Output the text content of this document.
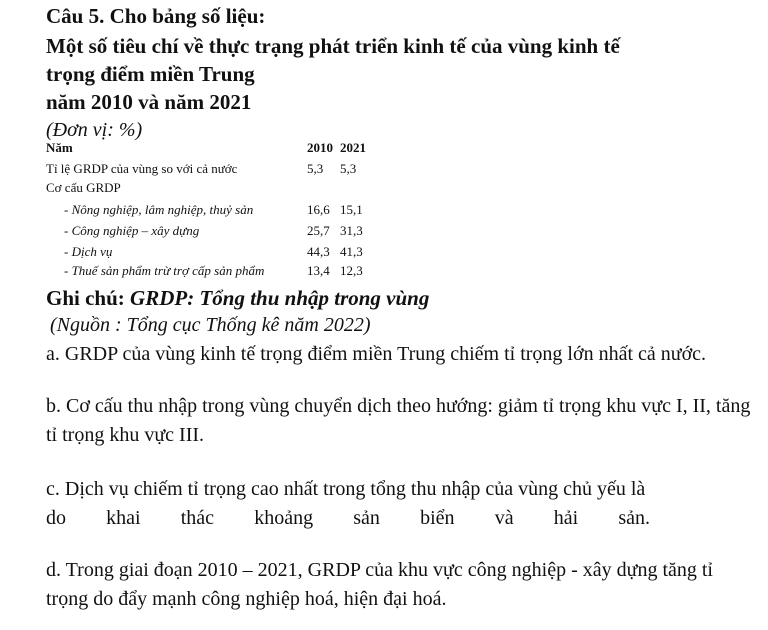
Câu 5. Cho bảng số liệu:
Một số tiêu chí về thực trạng phát triển kinh tế của vùng kinh tế
trọng điểm miền Trung
năm 2010 và năm 2021
(Đơn vị: %)
Năm	2010 2021
Tỉ lệ GRDP của vùng so với cả nước	5,3 5,3
Cơ cấu GRDP
- Nông nghiệp, lâm nghiệp, thuỷ sản	16,6 15,1
- Công nghiệp – xây dựng	25,7 31,3
- Dịch vụ	44,3 41,3
- Thuế sản phẩm trừ trợ cấp sản phẩm	13,4 12,3
Ghi chú: GRDP: Tổng thu nhập trong vùng
(Nguồn : Tổng cục Thống kê năm 2022)
a. GRDP của vùng kinh tế trọng điểm miền Trung chiếm tỉ trọng lớn nhất cả nước.
b. Cơ cấu thu nhập trong vùng chuyển dịch theo hướng: giảm tỉ trọng khu vực I, II, tăng tỉ trọng khu vực III.
c. Dịch vụ chiếm tỉ trọng cao nhất trong tổng thu nhập của vùng chủ yếu là
do khai thác khoảng sản biển và hải sản.
d. Trong giai đoạn 2010 – 2021, GRDP của khu vực công nghiệp - xây dựng tăng tỉ trọng do đẩy mạnh công nghiệp hoá, hiện đại hoá.
